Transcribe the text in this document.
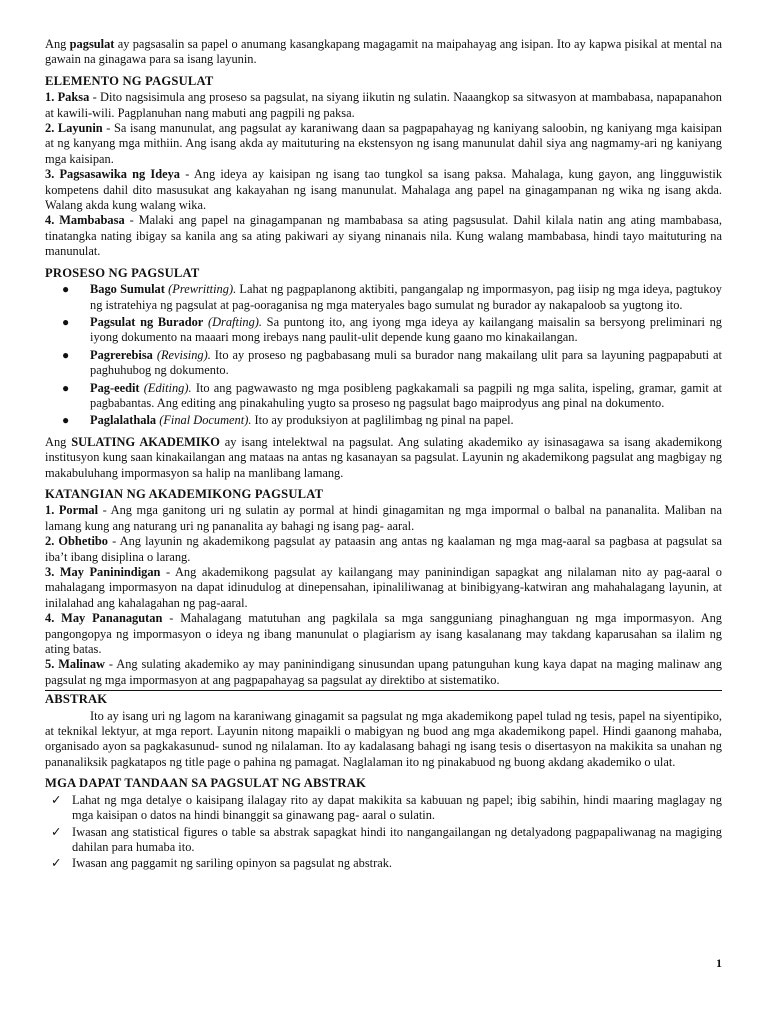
Ang pagsulat ay pagsasalin sa papel o anumang kasangkapang magagamit na maipahayag ang isipan. Ito ay kapwa pisikal at mental na gawain na ginagawa para sa isang layunin.

ELEMENTO NG PAGSULAT

1. Paksa - Dito nagsisimula ang proseso sa pagsulat, na siyang iikutin ng sulatin. Naaangkop sa sitwasyon at mambabasa, napapanahon at kawili-wili. Pagplanuhan nang mabuti ang pagpili ng paksa.

2. Layunin - Sa isang manunulat, ang pagsulat ay karaniwang daan sa pagpapahayag ng kaniyang saloobin, ng kaniyang mga kaisipan at ng kanyang mga mithiin. Ang isang akda ay maituturing na ekstensyon ng isang manunulat dahil siya ang nagmamy-ari ng kaniyang mga kaisipan.

3. Pagsasawika ng Ideya - Ang ideya ay kaisipan ng isang tao tungkol sa isang paksa. Mahalaga, kung gayon, ang lingguwistik kompetens dahil dito masusukat ang kakayahan ng isang manunulat. Mahalaga ang papel na ginagampanan ng wika ng isang akda. Walang akda kung walang wika.

4. Mambabasa - Malaki ang papel na ginagampanan ng mambabasa sa ating pagsusulat. Dahil kilala natin ang ating mambabasa, tinatangka nating ibigay sa kanila ang sa ating pakiwari ay siyang ninanais nila. Kung walang mambabasa, hindi tayo maituturing na manunulat.

PROSESO NG PAGSULAT
● Bago Sumulat (Prewritting). Lahat ng pagpaplanong aktibiti, pangangalap ng impormasyon, pag iisip ng mga ideya, pagtukoy ng istratehiya ng pagsulat at pag-ooraganisa ng mga materyales bago sumulat ng burador ay nakapaloob sa yugtong ito.
● Pagsulat ng Burador (Drafting). Sa puntong ito, ang iyong mga ideya ay kailangang maisalin sa bersyong preliminari ng iyong dokumento na maaari mong irebays nang paulit-ulit depende kung gaano mo kinakailangan.
● Pagrerebisa (Revising). Ito ay proseso ng pagbabasang muli sa burador nang makailang ulit para sa layuning pagpapabuti at paghuhubog ng dokumento.
● Pag-eedit (Editing). Ito ang pagwawasto ng mga posibleng pagkakamali sa pagpili ng mga salita, ispeling, gramar, gamit at pagbabantas. Ang editing ang pinakahuling yugto sa proseso ng pagsulat bago maiprodyus ang pinal na dokumento.
● Paglalathala (Final Document). Ito ay produksiyon at paglilimbag ng pinal na papel.

Ang SULATING AKADEMIKO ay isang intelektwal na pagsulat. Ang sulating akademiko ay isinasagawa sa isang akademikong institusyon kung saan kinakailangan ang mataas na antas ng kasanayan sa pagsulat. Layunin ng akademikong pagsulat ang magbigay ng makabuluhang impormasyon sa halip na manlibang lamang.

KATANGIAN NG AKADEMIKONG PAGSULAT

1. Pormal - Ang mga ganitong uri ng sulatin ay pormal at hindi ginagamitan ng mga impormal o balbal na pananalita. Maliban na lamang kung ang naturang uri ng pananalita ay bahagi ng isang pag- aaral.

2. Obhetibo - Ang layunin ng akademikong pagsulat ay pataasin ang antas ng kaalaman ng mga mag-aaral sa pagbasa at pagsulat sa iba’t ibang disiplina o larang.

3. May Paninindigan - Ang akademikong pagsulat ay kailangang may paninindigan sapagkat ang nilalaman nito ay pag-aaral o mahalagang impormasyon na dapat idinudulog at dinepensahan, ipinaliliwanag at binibigyang-katwiran ang mahahalagang layunin, at inilalahad ang kahalagahan ng pag-aaral.

4. May Pananagutan - Mahalagang matutuhan ang pagkilala sa mga sangguniang pinaghanguan ng mga impormasyon. Ang pangongopya ng impormasyon o ideya ng ibang manunulat o plagiarism ay isang kasalanang may takdang kaparusahan sa ilalim ng ating batas.

5. Malinaw - Ang sulating akademiko ay may paninindigang sinusundan upang patunguhan kung kaya dapat na maging malinaw ang pagsulat ng mga impormasyon at ang pagpapahayag sa pagsulat ay direktibo at sistematiko.

ABSTRAK

Ito ay isang uri ng lagom na karaniwang ginagamit sa pagsulat ng mga akademikong papel tulad ng tesis, papel na siyentipiko, at teknikal lektyur, at mga report. Layunin nitong mapaikli o mabigyan ng buod ang mga akademikong papel. Hindi gaanong mahaba, organisado ayon sa pagkakasunud- sunod ng nilalaman. Ito ay kadalasang bahagi ng isang tesis o disertasyon na makikita sa unahan ng pananaliksik pagkatapos ng title page o pahina ng pamagat. Naglalaman ito ng pinakabuod ng buong akdang akademiko o ulat.

MGA DAPAT TANDAAN SA PAGSULAT NG ABSTRAK
✓ Lahat ng mga detalye o kaisipang ilalagay rito ay dapat makikita sa kabuuan ng papel; ibig sabihin, hindi maaring maglagay ng mga kaisipan o datos na hindi binanggit sa ginawang pag- aaral o sulatin.
✓ Iwasan ang statistical figures o table sa abstrak sapagkat hindi ito nangangailangan ng detalyadong pagpapaliwanag na magiging dahilan para humaba ito.
✓ Iwasan ang paggamit ng sariling opinyon sa pagsulat ng abstrak.
1
